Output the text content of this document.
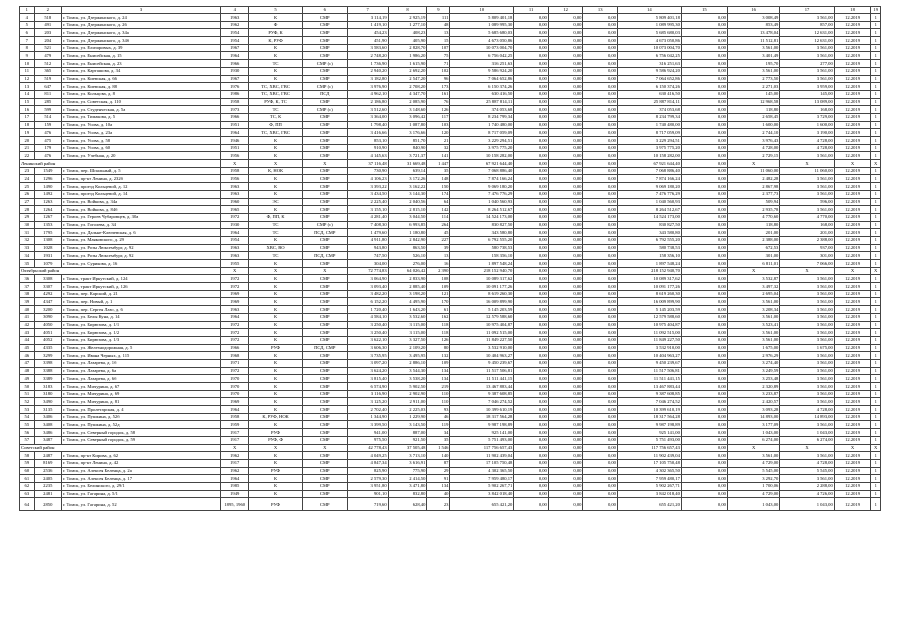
1	2	3	4	5	6	7	8	9	10	11	12	13	14	15	16	17	18	19
4	518	г. Томск, ул. Дзержинского, д. 24	1963	К	СМР	3 114,19	2 925,19	111	5 809 401,18	0,00	0,00	0,00	5 809 401,18	0,00	3 008,49	3 561,00	12.2019	1
5	491	г. Томск, ул. Дзержинского, д. 26	1962	Ф	СМР	1 419,10	1 277,10	48	1 089 995,30	0,00	0,00	0,00	1 089 995,30	0,00	853,49	857,00	12.2019	1
6	203	г. Томск, ул. Дзержинского, д. 34а	1954	РУФ, К	СМР	454,23	408,23	13	5 685 680,03	0,00	0,00	0,00	5 685 680,03	0,00	13 478,04	12 631,00	12.2019	1
7	204	г. Томск, ул. Дзержинского, д. 34б	1954	К, РУФ	СМР	451,90	405,90	15	4 673 050,86	0,00	0,00	0,00	4 673 050,86	0,00	11 512,81	12 631,00	12.2019	1
8	521	г. Томск, ул. Елизаровых, д. 39	1967	К	СМР	3 583,60	2 828,70	107	10 073 004,70	0,00	0,00	0,00	10 073 004,70	0,00	3 561,00	3 561,00	12.2019	1
9	479	г. Томск, ул. Енисейская, д. 15	1964	К	СМР	2 748,20	1 986,20	75	6 756 042,25	0,00	0,00	0,00	6 756 042,25	0,00	3 401,49	3 561,00	12.2019	1
10	512	г. Томск, ул. Енисейская, д. 23	1966	ТС	СМР (с)	1 736,90	1 615,90	71	316 251,63	0,00	0,00	0,00	316 251,63	0,00	195,70	277,00	12.2019	1
11	365	г. Томск, ул. Карташова, д. 34	1930	К	СМР	2 940,20	2 692,20	102	9 586 924,20	0,00	0,00	0,00	9 586 924,20	0,00	3 561,00	3 561,00	12.2019	1
12	519	г. Томск, ул. Киевская, д. 66	1967	К	СМР	3 182,80	2 547,20	96	7 064 652,86	0,00	0,00	0,00	7 064 652,86	0,00	2 773,50	3 561,00	12.2019	1
13	647	г. Томск, ул. Киевская, д. 88	1976	ТС, ХВС, ГВС	СМР (с)	3 976,90	2 708,20	173	6 150 374,26	0,00	0,00	0,00	6 150 374,26	0,00	2 271,03	3 959,00	12.2019	1
14	811	г. Томск, ул. Кольцова, д. 8	1986	ТС, ХВС, ГВС	ПСД	4 962,10	4 347,70	161	630 416,50	0,00	0,00	0,00	630 416,50	0,00	145,00	145,00	12.2019	1
15	285	г. Томск, ул. Советская, д. 110	1958	РУФ, К, ТС	СМР	2 186,80	2 085,90	76	25 887 814,11	0,00	0,00	0,00	25 887 814,11	0,00	12 968,58	13 089,00	12.2019	1
16	599	г. Томск, ул. Студенческая, д. 5а	1973	ТС	СМР (с)	3 512,60	3 148,60	126	374 053,68	0,00	0,00	0,00	374 053,68	0,00	118,80	168,00	12.2019	1
17	514	г. Томск, ул. Тимакова, д. 5	1966	ТС, К	СМР	3 364,00	3 096,42	117	8 234 799,34	0,00	0,00	0,00	8 234 799,34	0,00	2 658,45	3 729,00	12.2019	1
18	159	г. Томск, ул. Усова, д. 10а	1951	Ф, ПП	СМР	1 798,40	1 087,80	103	1 740 480,00	0,00	0,00	0,00	1 740 480,00	0,00	1 600,00	1 600,00	12.2019	1
19	476	г. Томск, ул. Усова, д. 23а	1964	ТС, ХВС, ГВС	СМР	3 416,66	3 176,66	120	8 717 059,09	0,00	0,00	0,00	8 717 059,09	0,00	2 744,10	3 190,00	12.2019	1
20	475	г. Томск, ул. Усова, д. 58	1946	К	СМР	853,10	851,70	21	3 229 294,51	0,00	0,00	0,00	3 229 294,51	0,00	3 976,43	4 728,00	12.2019	1
21	179	г. Томск, ул. Усова, д. 60	1951	К	СМР	910,90	840,90	32	3 975 775,20	0,00	0,00	0,00	3 975 775,20	0,00	4 728,00	4 728,00	12.2019	1
22	476	г. Томск, ул. Учебная, д. 20	1956	К	СМР	4 145,63	3 721,37	141	10 158 282,00	0,00	0,00	0,00	10 158 282,00	0,00	2 729,15	3 561,00	12.2019	1
Ленинский район			X	X	X	37 116,48	31 669,48	1 447	67 921 644,40	0,00	0,00	0,00	67 921 644,40	0,00	X	X	X	X
23	1549	г. Томск, пер. Шпальный, д. 5	1958	К, НОК	СМР	730,90	639,14	35	7 068 886,40	0,00	0,00	0,00	7 068 886,40	0,00	11 060,00	11 060,00	12.2019	1
24	1296	г. Томск, пр-кт Ленина, д. 232б	1956	К	СМР	4 106,23	3 172,26	148	7 874 166,24	0,00	0,00	0,00	7 874 166,24	0,00	2 482,28	3 561,00	12.2019	1
25	1490	г. Томск, проезд Кольцевой, д. 12	1963	К	СМР	3 393,22	3 162,22	150	9 069 180,20	0,00	0,00	0,00	9 069 180,20	0,00	2 867,98	3 561,00	12.2019	1
26	1492	г. Томск, проезд Кольцевой, д. 14	1963	К	СМР	3 434,50	3 144,30	174	7 476 776,29	0,00	0,00	0,00	7 476 776,29	0,00	2 377,73	3 561,00	12.2019	1
27	1263	г. Томск, ул. Войкова, д. 34а	1960	ЭС	СМР	2 225,40	2 040,56	64	1 040 560,93	0,00	0,00	0,00	1 040 560,93	0,00	509,94	596,00	12.2019	1
28	1264	г. Томск, ул. Войкова, д. 84б	1965	К	СМР	3 155,10	2 815,10	142	8 264 512,67	0,00	0,00	0,00	8 264 512,67	0,00	2 935,78	3 561,00	12.2019	1
29	1267	г. Томск, ул. Героев Чубаровцев, д. 30а	1972	Ф, ПП, К	СМР	4 281,40	3 044,50	114	14 524 173,00	0,00	0,00	0,00	14 524 173,00	0,00	4 770,60	4 770,00	12.2019	1
30	1353	г. Томск, ул. Гоголева, д. 34	1930	ТС	СМР (с)	7 408,30	6 993,85	264	830 827,50	0,00	0,00	0,00	830 827,50	0,00	118,80	168,00	12.2019	1
31	1795	г. Томск, ул. Дальне-Ключевская, д. 6	1964	ТС	ПСД, СМР	1 479,60	1 180,80	45	343 580,80	0,00	0,00	0,00	343 580,80	0,00	201,00	201,00	12.2019	1
32	1308	г. Томск, ул. Маяковского, д. 29	1954	К	СМР	4 911,80	2 842,90	227	6 792 555,20	0,00	0,00	0,00	6 792 555,20	0,00	2 388,00	2 388,00	12.2019	1
33	1028	г. Томск, ул. Розы Люксембург, д. 92	1963	ХВС, ВО	СМР	943,80	863,50	39	580 738,53	0,00	0,00	0,00	580 738,53	0,00	672,53	937,00	12.2019	1
34	1931	г. Томск, ул. Розы Люксембург, д. 92	1963	ТС	ПСД, СМР	747,50	526,10	13	158 356,10	0,00	0,00	0,00	158 356,10	0,00	301,00	301,00	12.2019	1
35	1079	г. Томск, ул. Сурикова, д. 16	1955	К	СМР	304,00	276,00	16	1 897 548,24	0,00	0,00	0,00	1 897 548,24	0,00	6 811,01	7 066,00	12.2019	1
Октябрьский район			X	X	X	72 774,83	64 026,42	2 390	218 152 940,70	0,00	0,00	0,00	218 152 940,70	0,00	X	X	X	X
36	3308	г. Томск, тракт Иркутский, д. 124	1972	К	СМР	3 064,90	2 833,90	108	10 089 317,62	0,00	0,00	0,00	10 089 317,62	0,00	3 532,87	3 561,00	12.2019	1
37	3307	г. Томск, тракт Иркутский, д. 126	1972	К	СМР	3 093,40	2 885,40	109	10 091 177,26	0,00	0,00	0,00	10 091 177,26	0,00	3 497,32	3 561,00	12.2019	1
38	4292	г. Томск, пер. Карский, д. 21	1969	К	СМР	3 482,20	3 198,20	121	8 619 260,30	0,00	0,00	0,00	8 619 260,30	0,00	2 695,04	3 561,00	12.2019	1
39	4347	г. Томск, пер. Новый, д. 1	1969	К	СМР	6 152,20	4 495,90	170	16 009 899,90	0,00	0,00	0,00	16 009 899,90	0,00	3 561,00	3 561,00	12.2019	1
40	3200	г. Томск, пер. Сергея Лазо, д. 6	1963	К	СМР	1 720,40	1 643,20	61	5 145 203,59	0,00	0,00	0,00	5 145 203,59	0,00	3 208,34	3 561,00	12.2019	1
41	3090	г. Томск, ул. Белы Куна, д. 14	1964	К	СМР	4 584,10	3 532,60	162	12 579 588,60	0,00	0,00	0,00	12 579 588,60	0,00	3 561,00	3 561,00	12.2019	1
42	4050	г. Томск, ул. Бирюзова, д. 1/1	1972	К	СМР	3 250,40	3 115,00	118	10 975 404,87	0,00	0,00	0,00	10 975 404,87	0,00	3 523,41	3 561,00	12.2019	1
43	4051	г. Томск, ул. Бирюзова, д. 1/2	1972	К	СМР	3 250,40	3 115,00	118	11 092 515,00	0,00	0,00	0,00	11 092 515,00	0,00	3 561,00	3 561,00	12.2019	1
44	4052	г. Томск, ул. Бирюзова, д. 1/3	1972	К	СМР	3 622,10	3 327,50	126	11 849 227,50	0,00	0,00	0,00	11 849 227,50	0,00	3 561,00	3 561,00	12.2019	1
45	4335	г. Томск, ул. Железнодорожная, д. 5	1966	РУФ	ПСД, СМР	3 606,30	2 109,20	80	3 532 910,00	0,00	0,00	0,00	3 532 910,00	0,00	1 675,00	1 675,00	12.2019	1
46	3299	г. Томск, ул. Ивана Черных, д. 115	1968	К	СМР	3 735,95	3 495,95	132	10 404 963,27	0,00	0,00	0,00	10 404 963,27	0,00	2 976,29	3 561,00	12.2019	1
47	3398	г. Томск, ул. Лазарева, д. 1б	1971	К	СМР	3 097,20	2 886,10	109	9 450 239,67	0,00	0,00	0,00	9 450 239,67	0,00	3 274,40	3 561,00	12.2019	1
48	3388	г. Томск, ул. Лазарева, д. 6а	1972	К	СМР	3 624,20	3 544,30	134	11 517 506,81	0,00	0,00	0,00	11 517 506,81	0,00	3 249,59	3 561,00	12.2019	1
49	3389	г. Томск, ул. Лазарева, д. 6б	1970	К	СМР	3 815,40	3 538,20	134	11 511 441,15	0,00	0,00	0,00	11 511 441,15	0,00	3 253,48	3 561,00	12.2019	1
50	3183	г. Томск, ул. Мичурина, д. 67	1970	К	СМР	6 574,90	5 902,50	219	13 467 883,44	0,00	0,00	0,00	13 467 883,44	0,00	2 320,89	3 561,00	12.2019	1
51	3180	г. Томск, ул. Мичурина, д. 69	1970	К	СМР	3 116,90	2 902,90	110	9 387 608,85	0,00	0,00	0,00	9 387 608,85	0,00	3 233,87	3 561,00	12.2019	1
52	3490	г. Томск, ул. Мичурина, д. 81	1969	К	СМР	3 125,20	2 911,00	110	7 046 274,52	0,00	0,00	0,00	7 046 274,52	0,00	2 420,57	3 561,00	12.2019	1
53	3135	г. Томск, ул. Пролетарская, д. 4	1964	К	СМР	2 702,40	2 225,03	93	10 399 610,19	0,00	0,00	0,00	10 399 610,19	0,00	3 093,28	4 728,00	12.2019	1
54	3406	г. Томск, ул. Пушкина, д. 52б	1958	К, РУФ, НОК	СМР	1 344,90	1 229,90	46	18 317 564,28	0,00	0,00	0,00	18 317 564,28	0,00	14 893,00	14 893,00	12.2019	1
55	3408	г. Томск, ул. Пушкина, д. 52д	1959	К	СМР	3 399,50	3 143,50	119	9 987 198,89	0,00	0,00	0,00	9 987 198,89	0,00	3 177,09	3 561,00	12.2019	1
56	3486	г. Томск, ул. Северный городок, д. 58	1917	РУФ	СМР	941,00	887,00	34	925 141,00	0,00	0,00	0,00	925 141,00	0,00	1 043,00	1 043,00	12.2019	1
57	3487	г. Томск, ул. Северный городок, д. 59	1917	РУФ, Ф	СМР	975,50	921,50	35	5 751 493,00	0,00	0,00	0,00	5 751 493,00	0,00	6 274,00	6 274,00	12.2019	1
Советский район			X	X	X	42 778,43	37 505,48	1 546	117 756 657,43	0,00	0,00	0,00	117 756 657,43	0,00	X	X	X	X
58	2487	г. Томск, пр-кт Кирова, д. 62	1962	К	СМР	4 049,25	3 713,10	140	11 902 439,04	0,00	0,00	0,00	11 902 439,04	0,00	3 561,00	3 561,00	12.2019	1
59	8169	г. Томск, пр-кт Ленина, д. 42	1917	К	СМР	4 847,34	3 616,91	87	17 105 750,48	0,00	0,00	0,00	17 105 750,48	0,00	4 729,00	4 728,00	12.2019	1
60	2536	г. Томск, ул. Алексея Беленца, д. 2а	1962	РУФ	СМР	825,90	775,90	29	4 302 365,50	0,00	0,00	0,00	4 302 365,50	0,00	5 545,00	5 545,00	12.2019	1
61	2405	г. Томск, ул. Алексея Беленца, д. 17	1964	К	СМР	2 579,30	2 414,50	91	7 959 480,17	0,00	0,00	0,00	7 959 480,17	0,00	3 292,70	3 561,00	12.2019	1
62	2235	г. Томск, ул. Белинского, д. 29/1	1985	К	СМР	3 951,80	3 471,80	134	5 902 267,71	0,00	0,00	0,00	5 902 267,71	0,00	1 700,06	2 288,00	12.2019	1
63	2481	г. Томск, ул. Гагарина, д. 5/1	1949	К	СМР	901,10	832,80	40	3 842 018,40	0,00	0,00	0,00	3 842 018,40	0,00	4 729,00	4 726,00	12.2019	1
64	2850	г. Томск, ул. Гагарина, д. 52	1895, 1960	РУФ	СМР	719,60	628,40	23	655 421,20	0,00	0,00	0,00	655 421,20	0,00	1 043,00	1 043,00	12.2019	1
